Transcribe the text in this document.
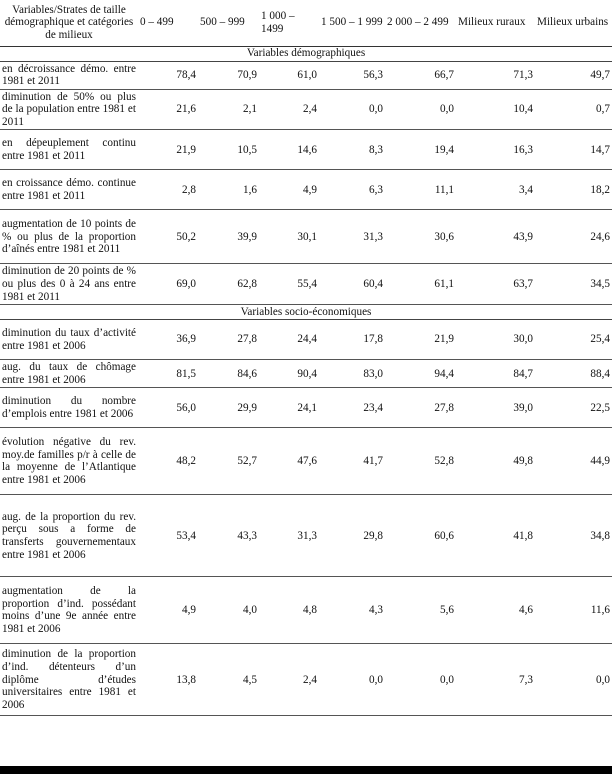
Variables/Strates de taille démographique et catégories de milieux	0 – 499	500 – 999	1 000 – 1499	1 500 – 1 999	2 000 – 2 499	Milieux ruraux	Milieux urbains
Variables démographiques							
en décroissance démo. entre 1981 et 2011	78,4	70,9	61,0	56,3	66,7	71,3	49,7
diminution de 50% ou plus de la population entre 1981 et 2011	21,6	2,1	2,4	0,0	0,0	10,4	0,7
en dépeuplement continu entre 1981 et 2011	21,9	10,5	14,6	8,3	19,4	16,3	14,7
en croissance démo. continue entre 1981 et 2011	2,8	1,6	4,9	6,3	11,1	3,4	18,2
augmentation de 10 points de % ou plus de la proportion d’aînés entre 1981 et 2011	50,2	39,9	30,1	31,3	30,6	43,9	24,6
diminution de 20 points de % ou plus des 0 à 24 ans entre 1981 et 2011	69,0	62,8	55,4	60,4	61,1	63,7	34,5
Variables socio-économiques							
diminution du taux d’activité entre 1981 et 2006	36,9	27,8	24,4	17,8	21,9	30,0	25,4
aug. du taux de chômage entre 1981 et 2006	81,5	84,6	90,4	83,0	94,4	84,7	88,4
diminution du nombre d’emplois entre 1981 et 2006	56,0	29,9	24,1	23,4	27,8	39,0	22,5
évolution négative du rev. moy.de familles p/r à celle de la moyenne de l’Atlantique entre 1981 et 2006	48,2	52,7	47,6	41,7	52,8	49,8	44,9
aug. de la proportion du rev. perçu sous a forme de transferts gouvernementaux entre 1981 et 2006	53,4	43,3	31,3	29,8	60,6	41,8	34,8
augmentation de la proportion d’ind. possédant moins d’une 9e année entre 1981 et 2006	4,9	4,0	4,8	4,3	5,6	4,6	11,6
diminution de la proportion d’ind. détenteurs d’un diplôme d’études universitaires entre 1981 et 2006	13,8	4,5	2,4	0,0	0,0	7,3	0,0
